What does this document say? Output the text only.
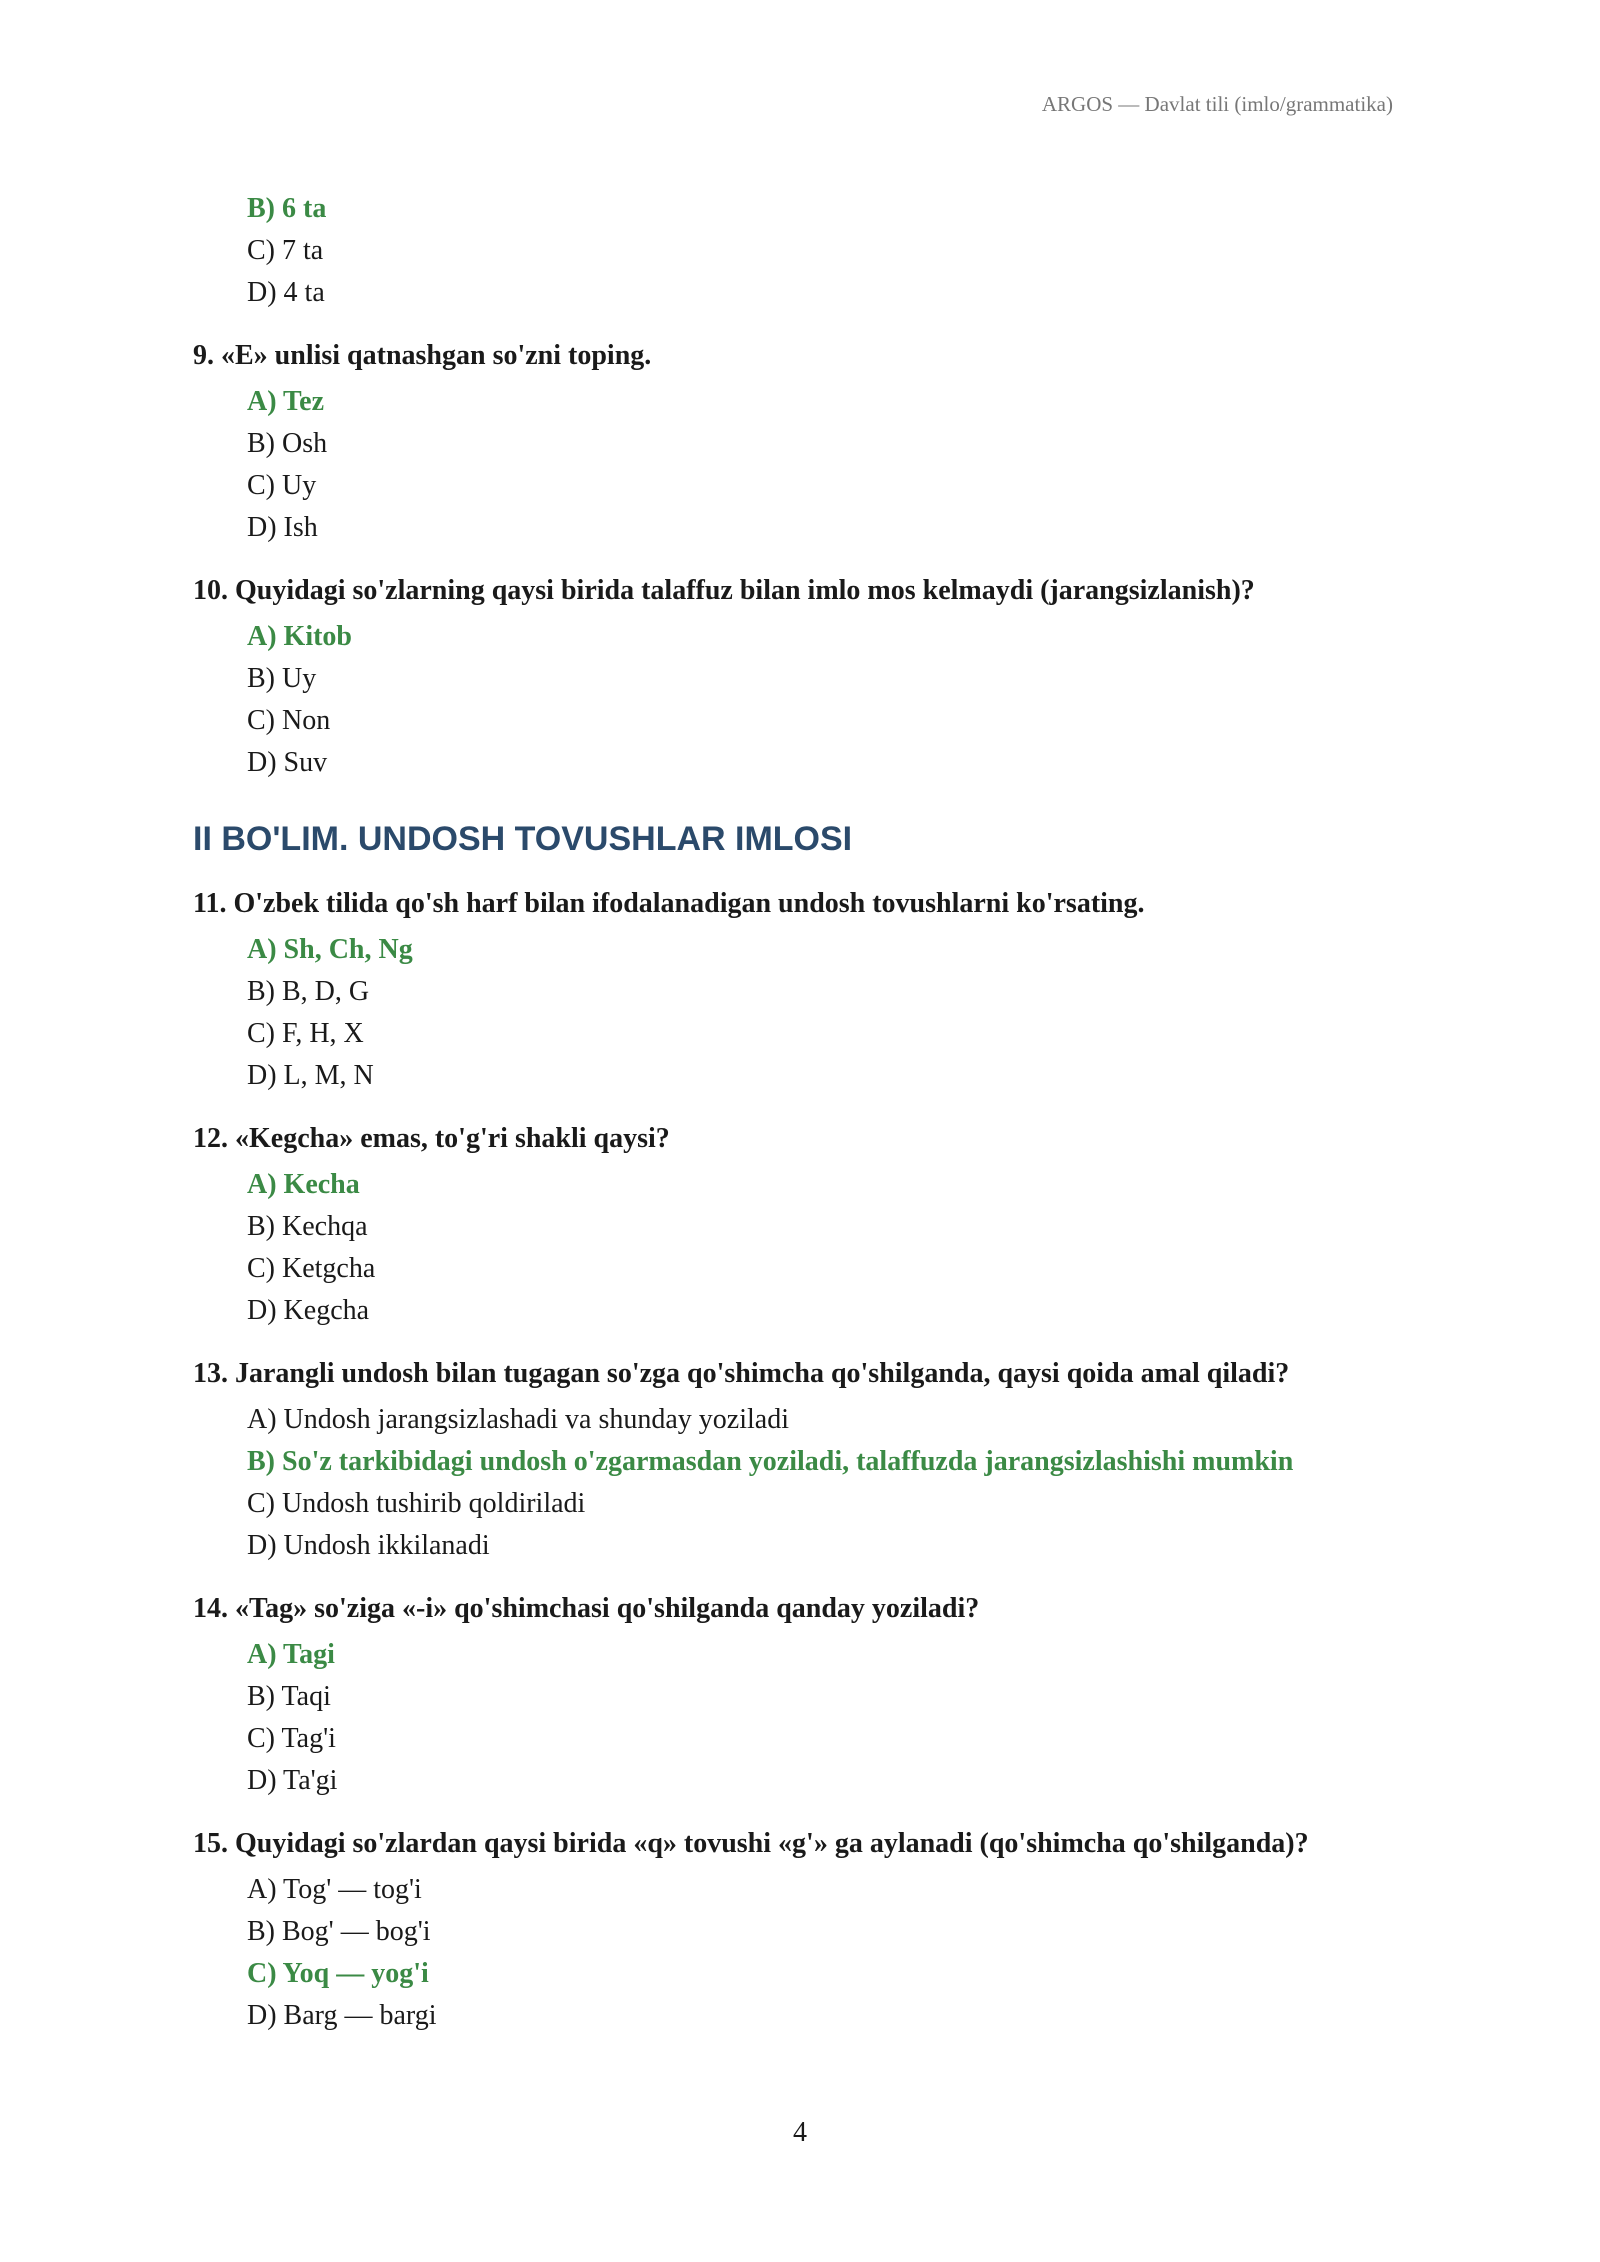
ARGOS — Davlat tili (imlo/grammatika)
B) 6 ta
C) 7 ta
D) 4 ta
9. «E» unlisi qatnashgan so'zni toping.
A) Tez
B) Osh
C) Uy
D) Ish
10. Quyidagi so'zlarning qaysi birida talaffuz bilan imlo mos kelmaydi (jarangsizlanish)?
A) Kitob
B) Uy
C) Non
D) Suv
II BO'LIM. UNDOSH TOVUSHLAR IMLOSI
11. O'zbek tilida qo'sh harf bilan ifodalanadigan undosh tovushlarni ko'rsating.
A) Sh, Ch, Ng
B) B, D, G
C) F, H, X
D) L, M, N
12. «Kegcha» emas, to'g'ri shakli qaysi?
A) Kecha
B) Kechqa
C) Ketgcha
D) Kegcha
13. Jarangli undosh bilan tugagan so'zga qo'shimcha qo'shilganda, qaysi qoida amal qiladi?
A) Undosh jarangsizlashadi va shunday yoziladi
B) So'z tarkibidagi undosh o'zgarmasdan yoziladi, talaffuzda jarangsizlashishi mumkin
C) Undosh tushirib qoldiriladi
D) Undosh ikkilanadi
14. «Tag» so'ziga «-i» qo'shimchasi qo'shilganda qanday yoziladi?
A) Tagi
B) Taqi
C) Tag'i
D) Ta'gi
15. Quyidagi so'zlardan qaysi birida «q» tovushi «g'» ga aylanadi (qo'shimcha qo'shilganda)?
A) Tog' — tog'i
B) Bog' — bog'i
C) Yoq — yog'i
D) Barg — bargi
4
